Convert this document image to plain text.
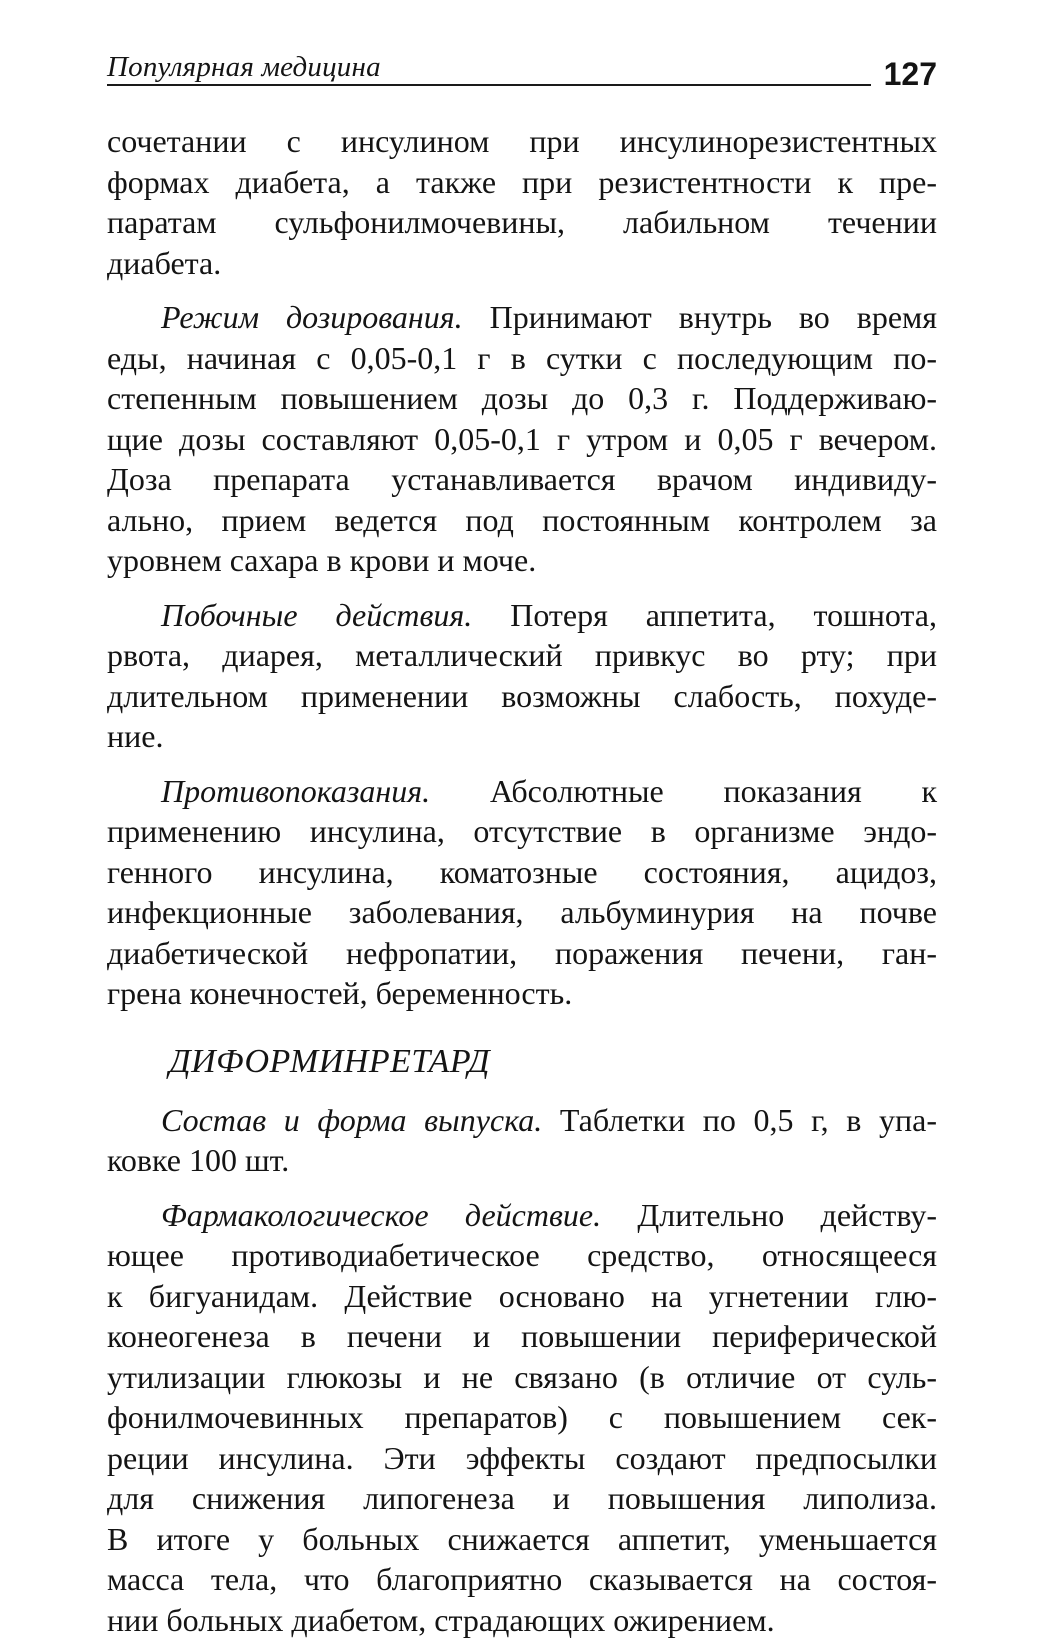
Популярная медицина	127
сочетании с инсулином при инсулинорезистентных
формах диабета, а также при резистентности к пре-
паратам сульфонилмочевины, лабильном течении
диабета.
Режим дозирования. Принимают внутрь во время
еды, начиная с 0,05-0,1 г в сутки с последующим по-
степенным повышением дозы до 0,3 г. Поддерживаю-
щие дозы составляют 0,05-0,1 г утром и 0,05 г вечером.
Доза препарата устанавливается врачом индивиду-
ально, прием ведется под постоянным контролем за
уровнем сахара в крови и моче.
Побочные действия. Потеря аппетита, тошнота,
рвота, диарея, металлический привкус во рту; при
длительном применении возможны слабость, похуде-
ние.
Противопоказания. Абсолютные показания к
применению инсулина, отсутствие в организме эндо-
генного инсулина, коматозные состояния, ацидоз,
инфекционные заболевания, альбуминурия на почве
диабетической нефропатии, поражения печени, ган-
грена конечностей, беременность.
ДИФОРМИНРЕТАРД
Состав и форма выпуска. Таблетки по 0,5 г, в упа-
ковке 100 шт.
Фармакологическое действие. Длительно действу-
ющее противодиабетическое средство, относящееся
к бигуанидам. Действие основано на угнетении глю-
конеогенеза в печени и повышении периферической
утилизации глюкозы и не связано (в отличие от суль-
фонилмочевинных препаратов) с повышением сек-
реции инсулина. Эти эффекты создают предпосылки
для снижения липогенеза и повышения липолиза.
В итоге у больных снижается аппетит, уменьшается
масса тела, что благоприятно сказывается на состоя-
нии больных диабетом, страдающих ожирением.
